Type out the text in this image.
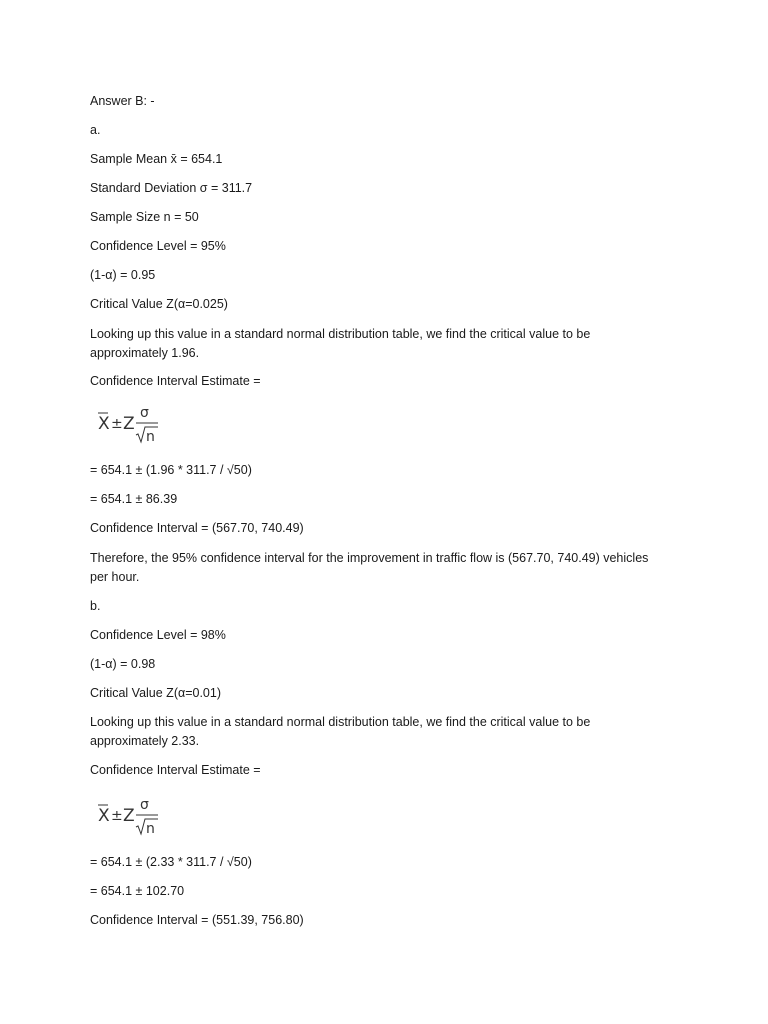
Answer B: -
a.
Sample Mean x̄ = 654.1
Standard Deviation σ = 311.7
Sample Size n = 50
Confidence Level = 95%
(1-α) = 0.95
Critical Value Z(α=0.025)
Looking up this value in a standard normal distribution table, we find the critical value to be approximately 1.96.
Confidence Interval Estimate =
X ± Z
σ
n
= 654.1 ± (1.96 * 311.7 / √50)
= 654.1 ± 86.39
Confidence Interval = (567.70, 740.49)
Therefore, the 95% confidence interval for the improvement in traffic flow is (567.70, 740.49) vehicles per hour.
b.
Confidence Level = 98%
(1-α) = 0.98
Critical Value Z(α=0.01)
Looking up this value in a standard normal distribution table, we find the critical value to be approximately 2.33.
Confidence Interval Estimate =
X ± Z
σ
n
= 654.1 ± (2.33 * 311.7 / √50)
= 654.1 ± 102.70
Confidence Interval = (551.39, 756.80)
